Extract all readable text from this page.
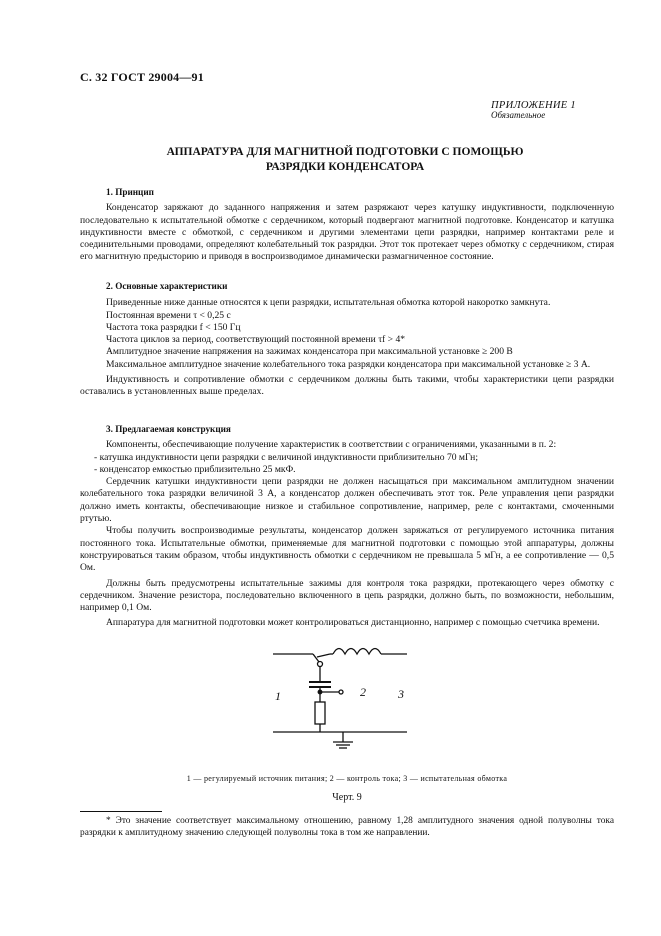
С. 32 ГОСТ 29004—91
ПРИЛОЖЕНИЕ 1
Обязательное
АППАРАТУРА ДЛЯ МАГНИТНОЙ ПОДГОТОВКИ С ПОМОЩЬЮ
РАЗРЯДКИ КОНДЕНСАТОРА

1. Принцип

Конденсатор заряжают до заданного напряжения и затем разряжают через катушку индуктивности, подключенную последовательно к испытательной обмотке с сердечником, который подвергают магнитной подготовке. Конденсатор и катушка индуктивности вместе с обмоткой, с сердечником и другими элементами цепи разрядки, например контактами реле и соединительными проводами, определяют колебательный ток разрядки. Этот ток протекает через обмотку с сердечником, стирая его магнитную предысторию и приводя в воспроизводимое динамически размагниченное состояние.

2. Основные характеристики

Приведенные ниже данные относятся к цепи разрядки, испытательная обмотка которой накоротко замкнута.

Постоянная времени τ < 0,25 с

Частота тока разрядки f < 150 Гц

Частота циклов за период, соответствующий постоянной времени τf > 4*

Амплитудное значение напряжения на зажимах конденсатора при максимальной установке ≥ 200 В

Максимальное амплитудное значение колебательного тока разрядки конденсатора при максимальной установке ≥ 3 А.

Индуктивность и сопротивление обмотки с сердечником должны быть такими, чтобы характеристики цепи разрядки оставались в установленных выше пределах.

3. Предлагаемая конструкция

Компоненты, обеспечивающие получение характеристик в соответствии с ограничениями, указанными в п. 2:

- катушка индуктивности цепи разрядки с величиной индуктивности приблизительно 70 мГн;

- конденсатор емкостью приблизительно 25 мкФ.

Сердечник катушки индуктивности цепи разрядки не должен насыщаться при максимальном амплитудном значении колебательного тока разрядки величиной 3 А, а конденсатор должен обеспечивать этот ток. Реле управления цепи разрядки должно иметь контакты, обеспечивающие низкое и стабильное сопротивление, например, реле с контактами, смоченными ртутью.

Чтобы получить воспроизводимые результаты, конденсатор должен заряжаться от регулируемого источника питания постоянного тока. Испытательные обмотки, применяемые для магнитной подготовки с помощью этой аппаратуры, должны конструироваться таким образом, чтобы индуктивность обмотки с сердечником не превышала 5 мГн, а ее сопротивление — 0,5 Ом.

Должны быть предусмотрены испытательные зажимы для контроля тока разрядки, протекающего через обмотку с сердечником. Значение резистора, последовательно включенного в цепь разрядки, должно быть, по возможности, небольшим, например 0,1 Ом.

Аппаратура для магнитной подготовки может контролироваться дистанционно, например с помощью счетчика времени.

1	2	3
1 — регулируемый источник питания; 2 — контроль тока; 3 — испытательная обмотка
Черт. 9
* Это значение соответствует максимальному отношению, равному 1,28 амплитудного значения одной полуволны тока разрядки к амплитудному значению следующей полуволны тока в том же направлении.
